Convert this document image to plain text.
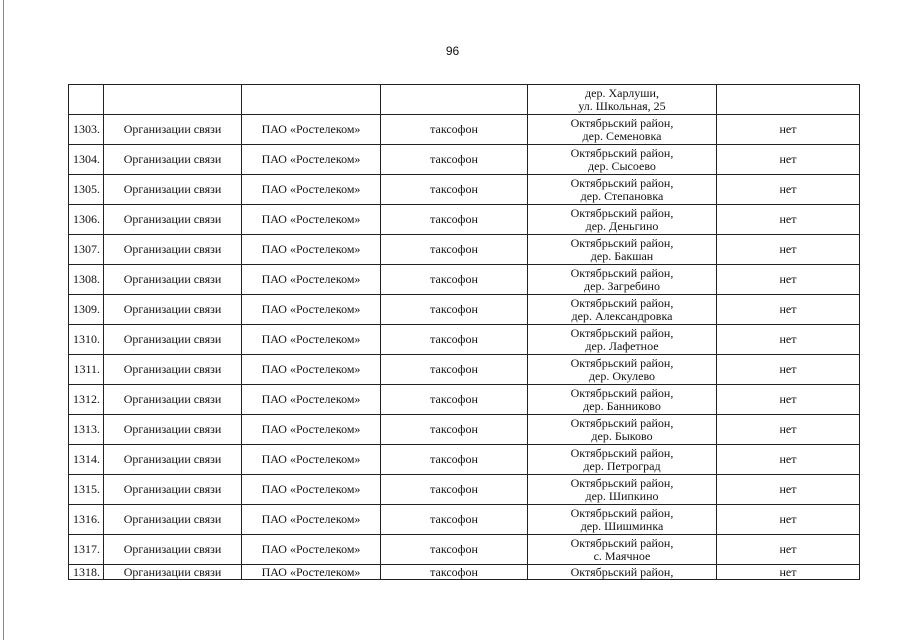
96

				дер. Харлуши,
ул. Школьная, 25	

1303.	Организации связи	ПАО «Ростелеком»	таксофон	Октябрьский район,
дер. Семеновка	нет
1304.	Организации связи	ПАО «Ростелеком»	таксофон	Октябрьский район,
дер. Сысоево	нет
1305.	Организации связи	ПАО «Ростелеком»	таксофон	Октябрьский район,
дер. Степановка	нет
1306.	Организации связи	ПАО «Ростелеком»	таксофон	Октябрьский район,
дер. Деньгино	нет
1307.	Организации связи	ПАО «Ростелеком»	таксофон	Октябрьский район,
дер. Бакшан	нет
1308.	Организации связи	ПАО «Ростелеком»	таксофон	Октябрьский район,
дер. Загребино	нет
1309.	Организации связи	ПАО «Ростелеком»	таксофон	Октябрьский район,
дер. Александровка	нет
1310.	Организации связи	ПАО «Ростелеком»	таксофон	Октябрьский район,
дер. Лафетное	нет
1311.	Организации связи	ПАО «Ростелеком»	таксофон	Октябрьский район,
дер. Окулево	нет
1312.	Организации связи	ПАО «Ростелеком»	таксофон	Октябрьский район,
дер. Банниково	нет
1313.	Организации связи	ПАО «Ростелеком»	таксофон	Октябрьский район,
дер. Быково	нет
1314.	Организации связи	ПАО «Ростелеком»	таксофон	Октябрьский район,
дер. Петроград	нет
1315.	Организации связи	ПАО «Ростелеком»	таксофон	Октябрьский район,
дер. Шипкино	нет
1316.	Организации связи	ПАО «Ростелеком»	таксофон	Октябрьский район,
дер. Шишминка	нет
1317.	Организации связи	ПАО «Ростелеком»	таксофон	Октябрьский район,
с. Маячное	нет
1318.	Организации связи	ПАО «Ростелеком»	таксофон	Октябрьский район,	нет
